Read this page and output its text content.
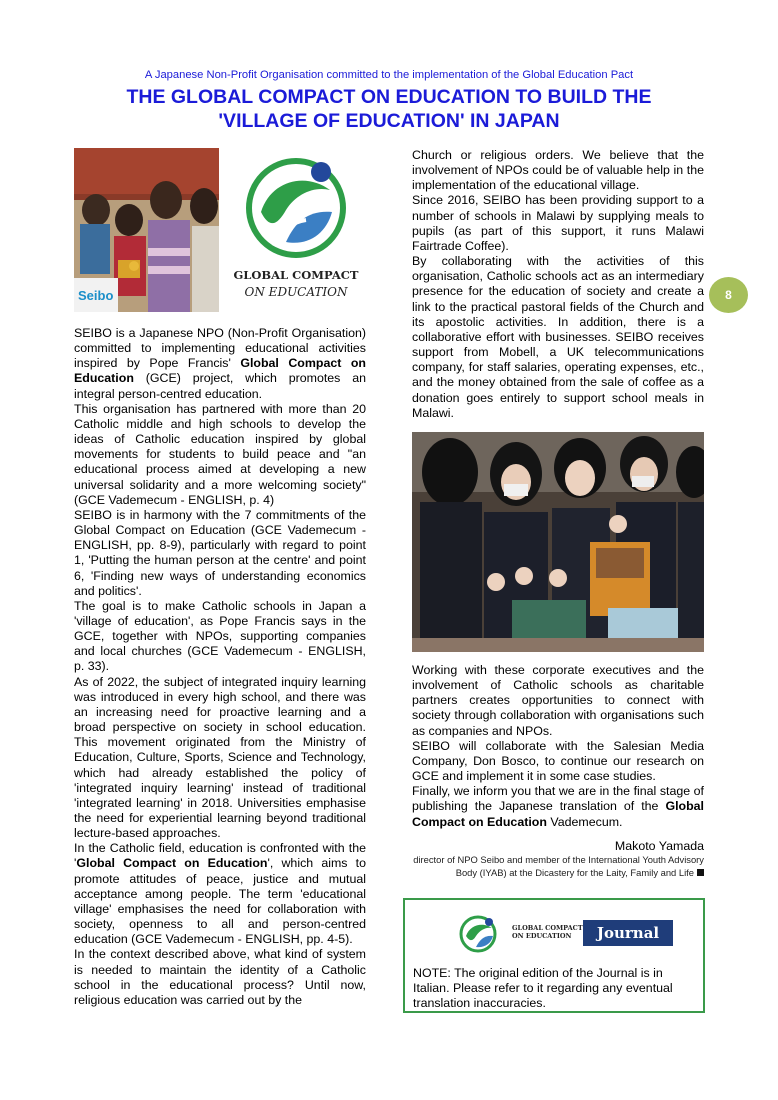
A Japanese Non-Profit Organisation committed to the implementation of the Global Education Pact
THE GLOBAL COMPACT ON EDUCATION TO BUILD THE 'VILLAGE OF EDUCATION' IN JAPAN
Seibo
GLOBAL COMPACT
ON EDUCATION

SEIBO is a Japanese NPO (Non-Profit Organisation) committed to implementing educational activities inspired by Pope Francis' Global Compact on Education (GCE) project, which promotes an integral person-centred education.

This organisation has partnered with more than 20 Catholic middle and high schools to develop the ideas of Catholic education inspired by global movements for students to build peace and "an educational process aimed at developing a new universal solidarity and a more welcoming society" (GCE Vademecum - ENGLISH, p. 4)

SEIBO is in harmony with the 7 commitments of the Global Compact on Education (GCE Vademecum - ENGLISH, pp. 8-9), particularly with regard to point 1, 'Putting the human person at the centre' and point 6, 'Finding new ways of understanding economics and politics'.

The goal is to make Catholic schools in Japan a 'village of education', as Pope Francis says in the GCE, together with NPOs, supporting companies and local churches (GCE Vademecum - ENGLISH, p. 33).

As of 2022, the subject of integrated inquiry learning was introduced in every high school, and there was an increasing need for proactive learning and a broad perspective on society in school education. This movement originated from the Ministry of Education, Culture, Sports, Science and Technology, which had already established the policy of 'integrated inquiry learning' instead of traditional 'integrated learning' in 2018. Universities emphasise the need for experiential learning beyond traditional lecture-based approaches.

In the Catholic field, education is confronted with the 'Global Compact on Education', which aims to promote attitudes of peace, justice and mutual acceptance among people. The term 'educational village' emphasises the need for collaboration with society, openness to all and person-centred education (GCE Vademecum - ENGLISH, pp. 4-5).

In the context described above, what kind of system is needed to maintain the identity of a Catholic school in the educational process? Until now, religious education was carried out by the

Church or religious orders. We believe that the involvement of NPOs could be of valuable help in the implementation of the educational village.

Since 2016, SEIBO has been providing support to a number of schools in Malawi by supplying meals to pupils (as part of this support, it runs Malawi Fairtrade Coffee).

By collaborating with the activities of this organisation, Catholic schools act as an intermediary presence for the education of society and create a link to the practical pastoral fields of the Church and its apostolic activities. In addition, there is a collaborative effort with businesses. SEIBO receives support from Mobell, a UK telecommunications company, for staff salaries, operating expenses, etc., and the money obtained from the sale of coffee as a donation goes entirely to support school meals in Malawi.

8

Working with these corporate executives and the involvement of Catholic schools as charitable partners creates opportunities to connect with society through collaboration with organisations such as companies and NPOs.

SEIBO will collaborate with the Salesian Media Company, Don Bosco, to continue our research on GCE and implement it in some case studies.

Finally, we inform you that we are in the final stage of publishing the Japanese translation of the Global Compact on Education Vademecum.

Makoto Yamada
director of NPO Seibo and member of the International Youth Advisory Body (IYAB) at the Dicastery for the Laity, Family and Life
GLOBAL COMPACT
ON EDUCATION	Journal
NOTE: The original edition of the Journal is in Italian. Please refer to it regarding any eventual translation inaccuracies.
